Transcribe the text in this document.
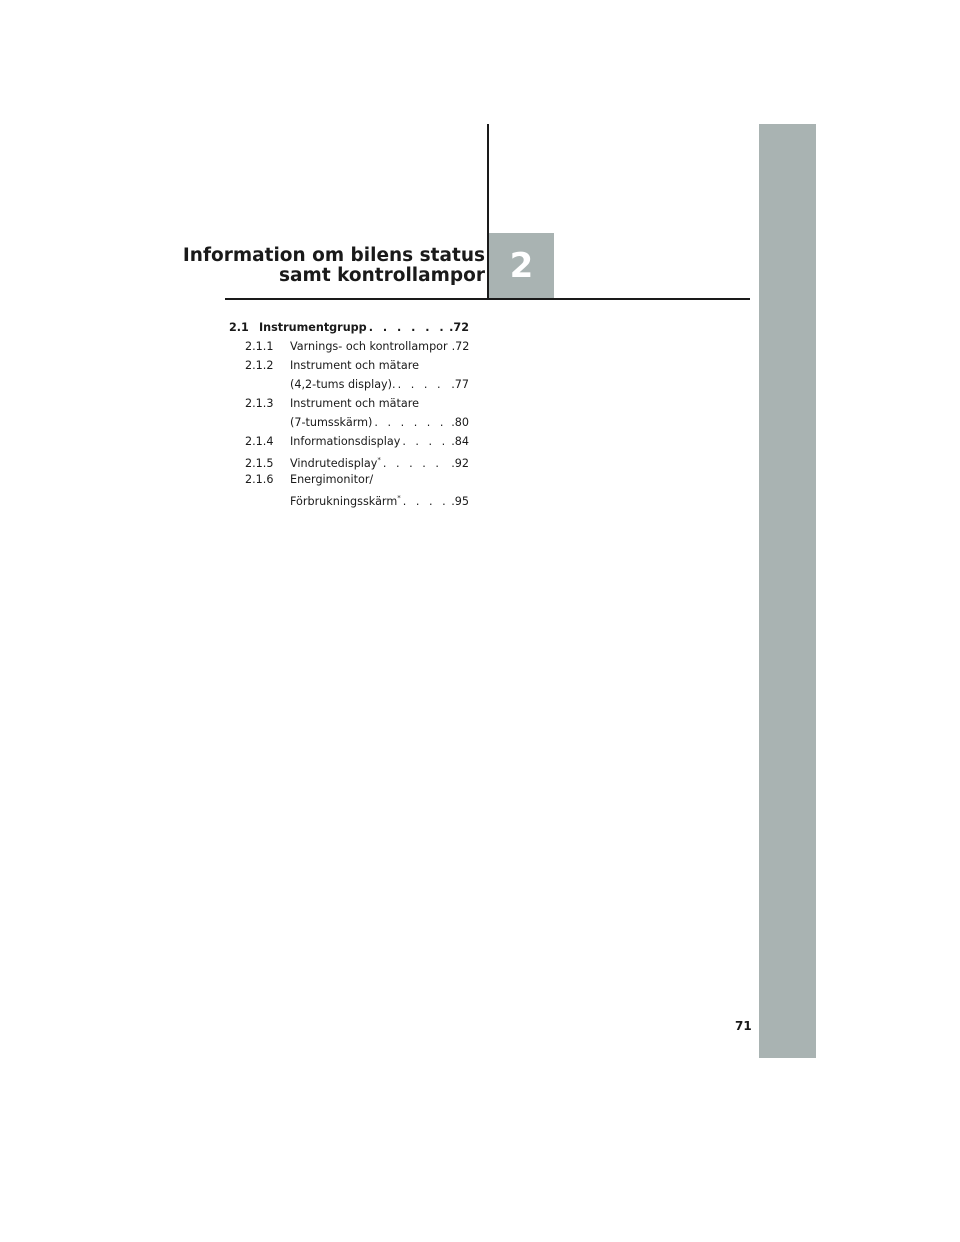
Information om bilens status
samt kontrollampor 2
2.1 Instrumentgrupp . . .	.72
2.1.1	Varnings- och kontrollampor . . . .72
2.1.2	Instrument och mätare
(4,2-tums display). . . .	.77
2.1.3	Instrument och mätare
(7-tumsskärm) . . .	.80
2.1.4	Informationsdisplay . . .	.84
2.1.5	Vindrutedisplay* . . .	.92
2.1.6	Energimonitor/
Förbrukningsskärm* . . .	.95
71
